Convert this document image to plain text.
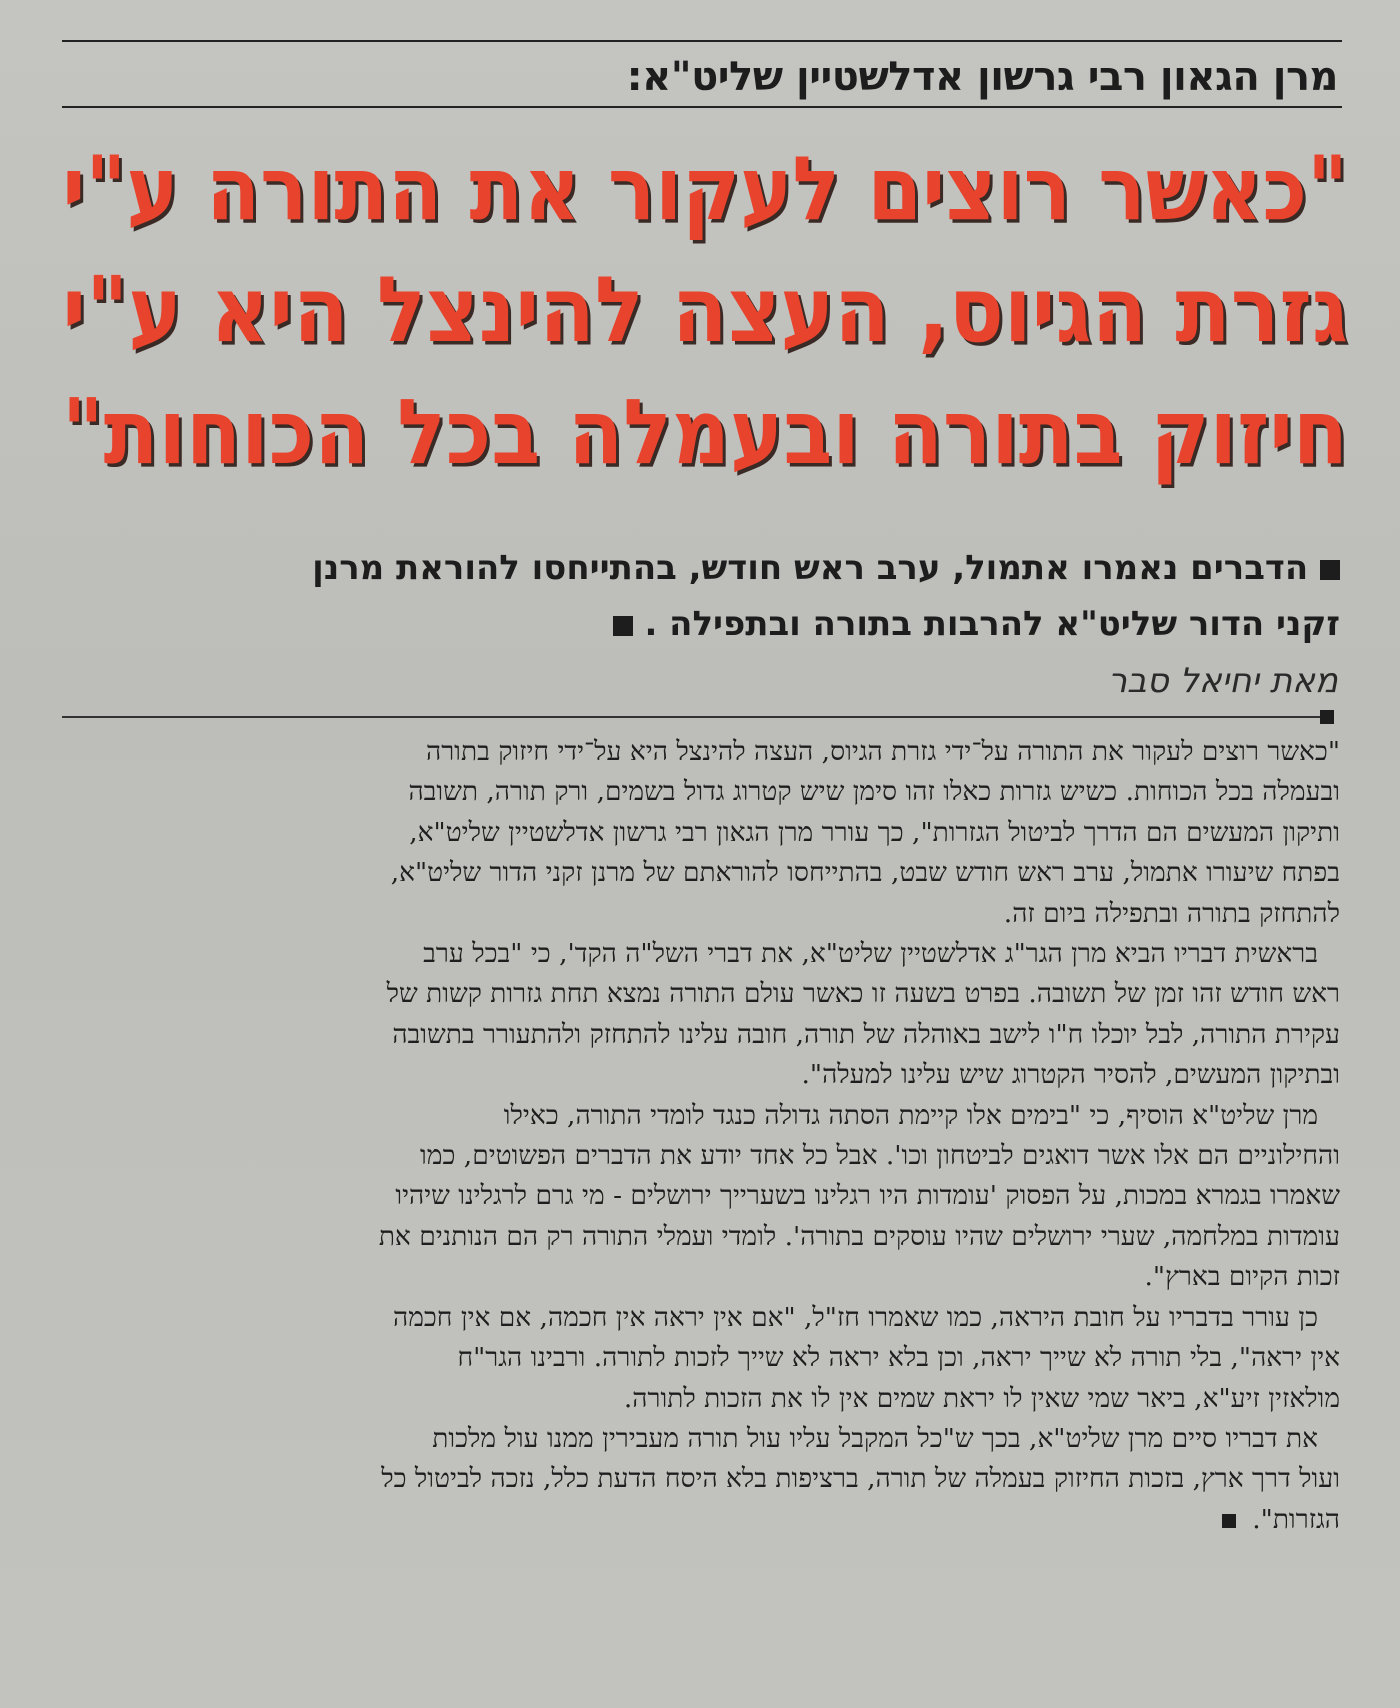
מרן הגאון רבי גרשון אדלשטיין שליט"א:
"כאשר רוצים לעקור את התורה ע"י
גזרת הגיוס, העצה להינצל היא ע"י
חיזוק בתורה ובעמלה בכל הכוחות"
הדברים נאמרו אתמול, ערב ראש חודש, בהתייחסו להוראת מרנן
זקני הדור שליט"א להרבות בתורה ובתפילה .
מאת יחיאל סבר
"כאשר רוצים לעקור את התורה על־ידי גזרת הגיוס, העצה להינצל היא על־ידי חיזוק בתורה
ובעמלה בכל הכוחות. כשיש גזרות כאלו זהו סימן שיש קטרוג גדול בשמים, ורק תורה, תשובה
ותיקון המעשים הם הדרך לביטול הגזרות", כך עורר מרן הגאון רבי גרשון אדלשטיין שליט"א,
בפתח שיעורו אתמול, ערב ראש חודש שבט, בהתייחסו להוראתם של מרנן זקני הדור שליט"א,
להתחזק בתורה ובתפילה ביום זה.
בראשית דבריו הביא מרן הגר"ג אדלשטיין שליט"א, את דברי השל"ה הקד', כי "בכל ערב
ראש חודש זהו זמן של תשובה. בפרט בשעה זו כאשר עולם התורה נמצא תחת גזרות קשות של
עקירת התורה, לבל יוכלו ח"ו לישב באוהלה של תורה, חובה עלינו להתחזק ולהתעורר בתשובה
ובתיקון המעשים, להסיר הקטרוג שיש עלינו למעלה".
מרן שליט"א הוסיף, כי "בימים אלו קיימת הסתה גדולה כנגד לומדי התורה, כאילו
והחילוניים הם אלו אשר דואגים לביטחון וכו'. אבל כל אחד יודע את הדברים הפשוטים, כמו
שאמרו בגמרא במכות, על הפסוק 'עומדות היו רגלינו בשערייך ירושלים - מי גרם לרגלינו שיהיו
עומדות במלחמה, שערי ירושלים שהיו עוסקים בתורה'. לומדי ועמלי התורה רק הם הנותנים את
זכות הקיום בארץ".
כן עורר בדבריו על חובת היראה, כמו שאמרו חז"ל, "אם אין יראה אין חכמה, אם אין חכמה
אין יראה", בלי תורה לא שייך יראה, וכן בלא יראה לא שייך לזכות לתורה. ורבינו הגר"ח
מולאזין זיע"א, ביאר שמי שאין לו יראת שמים אין לו את הזכות לתורה.
את דבריו סיים מרן שליט"א, בכך ש"כל המקבל עליו עול תורה מעבירין ממנו עול מלכות
ועול דרך ארץ, בזכות החיזוק בעמלה של תורה, ברציפות בלא היסח הדעת כלל, נזכה לביטול כל
הגזרות".
